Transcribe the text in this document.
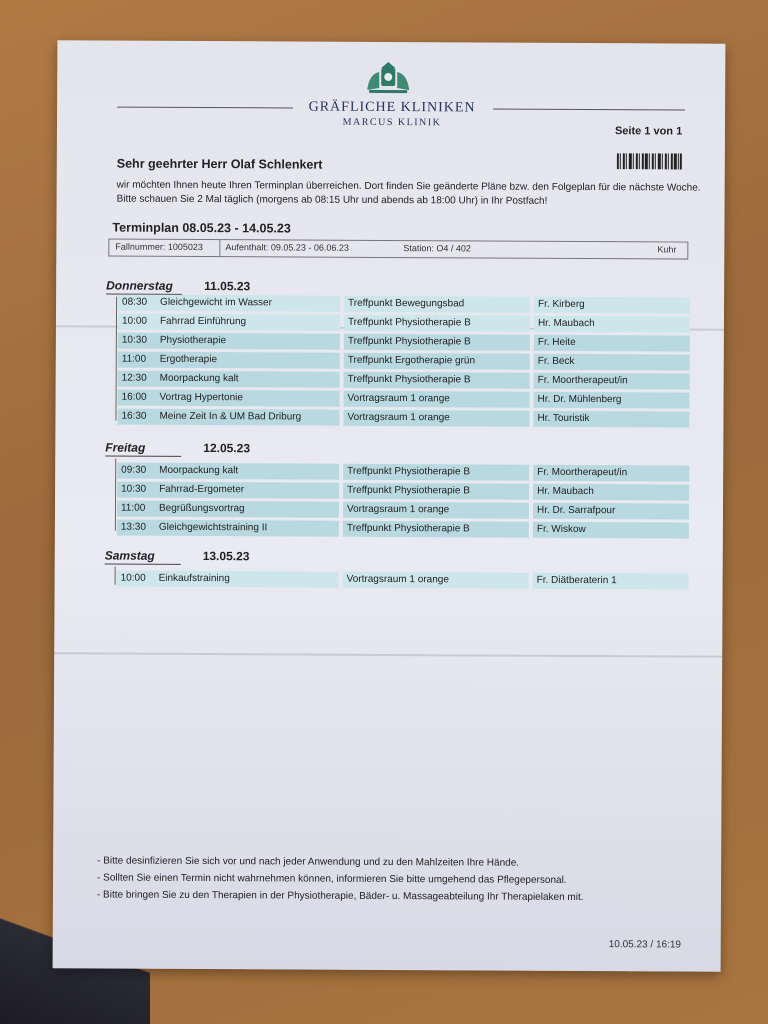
GRÄFLICHE KLINIKEN
MARCUS KLINIK
Seite 1 von 1
Sehr geehrter Herr Olaf Schlenkert
wir möchten Ihnen heute Ihren Terminplan überreichen. Dort finden Sie geänderte Pläne bzw. den Folgeplan für die nächste Woche. Bitte schauen Sie 2 Mal täglich (morgens ab 08:15 Uhr und abends ab 18:00 Uhr) in Ihr Postfach!
Terminplan 08.05.23 - 14.05.23
Fallnummer: 1005023 Aufenthalt: 09.05.23 - 06.06.23	Station: O4 / 402	Kuhr
Donnerstag	11.05.23
08:30 Gleichgewicht im Wasser	Treffpunkt Bewegungsbad	Fr. Kirberg
10:00 Fahrrad Einführung	Treffpunkt Physiotherapie B	Hr. Maubach
10:30 Physiotherapie	Treffpunkt Physiotherapie B	Fr. Heite
11:00 Ergotherapie	Treffpunkt Ergotherapie grün	Fr. Beck
12:30 Moorpackung kalt	Treffpunkt Physiotherapie B	Fr. Moortherapeut/in
16:00 Vortrag Hypertonie	Vortragsraum 1 orange	Hr. Dr. Mühlenberg
16:30 Meine Zeit In & UM Bad Driburg	Vortragsraum 1 orange	Hr. Touristik
Freitag	12.05.23
09:30 Moorpackung kalt	Treffpunkt Physiotherapie B	Fr. Moortherapeut/in
10:30 Fahrrad-Ergometer	Treffpunkt Physiotherapie B	Hr. Maubach
11:00 Begrüßungsvortrag	Vortragsraum 1 orange	Hr. Dr. Sarrafpour
13:30 Gleichgewichtstraining II	Treffpunkt Physiotherapie B	Fr. Wiskow
Samstag	13.05.23
10:00 Einkaufstraining	Vortragsraum 1 orange	Fr. Diätberaterin 1
- Bitte desinfizieren Sie sich vor und nach jeder Anwendung und zu den Mahlzeiten Ihre Hände.
- Sollten Sie einen Termin nicht wahrnehmen können, informieren Sie bitte umgehend das Pflegepersonal.
- Bitte bringen Sie zu den Therapien in der Physiotherapie, Bäder- u. Massageabteilung Ihr Therapielaken mit.
10.05.23 / 16:19
